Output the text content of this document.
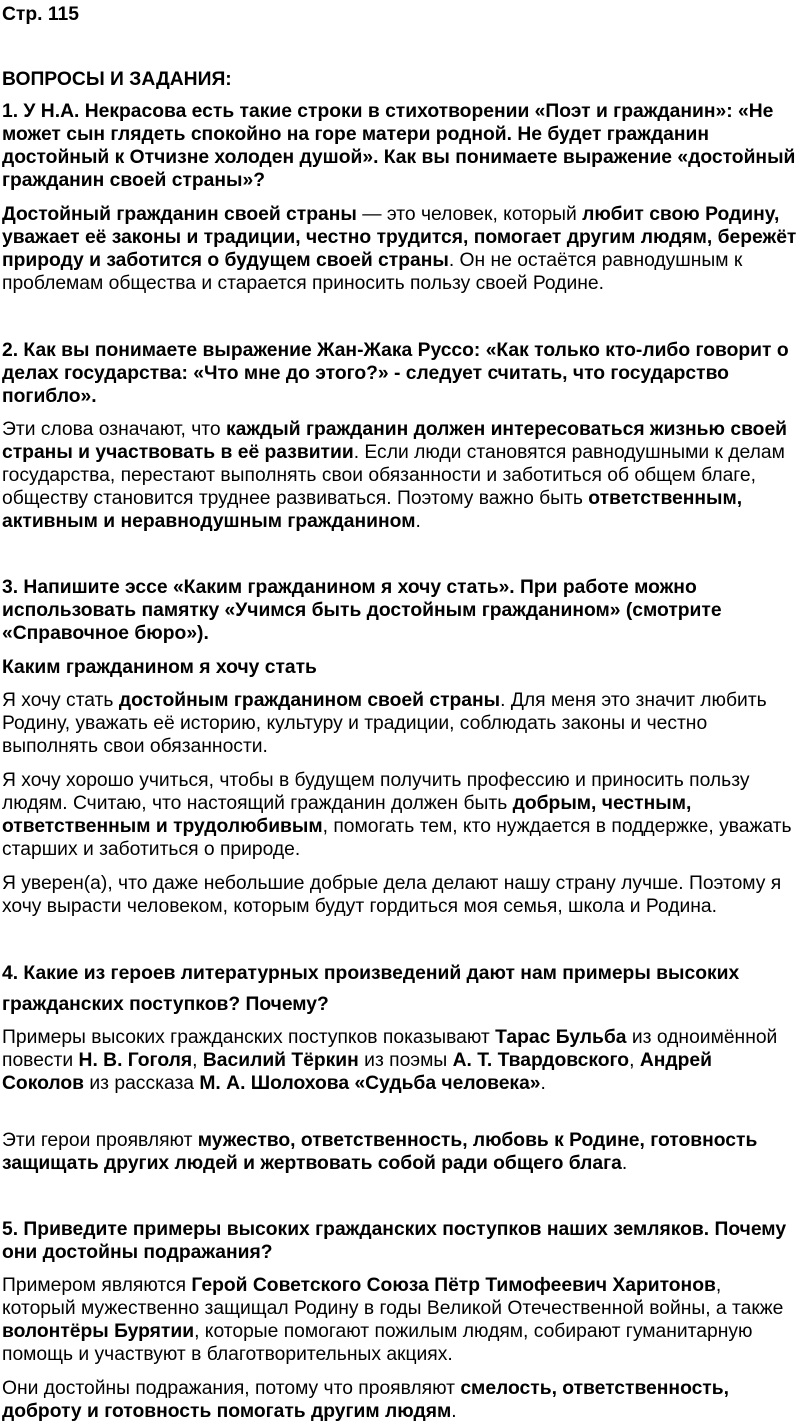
Стр. 115
ВОПРОСЫ И ЗАДАНИЯ:
1. У Н.А. Некрасова есть такие строки в стихотворении «Поэт и гражданин»: «Не может сын глядеть спокойно на горе матери родной. Не будет гражданин достойный к Отчизне холоден душой». Как вы понимаете выражение «достойный гражданин своей страны»?
Достойный гражданин своей страны — это человек, который любит свою Родину, уважает её законы и традиции, честно трудится, помогает другим людям, бережёт природу и заботится о будущем своей страны. Он не остаётся равнодушным к проблемам общества и старается приносить пользу своей Родине.
2. Как вы понимаете выражение Жан-Жака Руссо: «Как только кто-либо говорит о делах государства: «Что мне до этого?» - следует считать, что государство погибло».
Эти слова означают, что каждый гражданин должен интересоваться жизнью своей страны и участвовать в её развитии. Если люди становятся равнодушными к делам государства, перестают выполнять свои обязанности и заботиться об общем благе, обществу становится труднее развиваться. Поэтому важно быть ответственным, активным и неравнодушным гражданином.
3. Напишите эссе «Каким гражданином я хочу стать». При работе можно использовать памятку «Учимся быть достойным гражданином» (смотрите «Справочное бюро»).
Каким гражданином я хочу стать
Я хочу стать достойным гражданином своей страны. Для меня это значит любить Родину, уважать её историю, культуру и традиции, соблюдать законы и честно выполнять свои обязанности.
Я хочу хорошо учиться, чтобы в будущем получить профессию и приносить пользу людям. Считаю, что настоящий гражданин должен быть добрым, честным, ответственным и трудолюбивым, помогать тем, кто нуждается в поддержке, уважать старших и заботиться о природе.
Я уверен(а), что даже небольшие добрые дела делают нашу страну лучше. Поэтому я хочу вырасти человеком, которым будут гордиться моя семья, школа и Родина.
4. Какие из героев литературных произведений дают нам примеры высоких
гражданских поступков? Почему?
Примеры высоких гражданских поступков показывают Тарас Бульба из одноимённой повести Н. В. Гоголя, Василий Тёркин из поэмы А. Т. Твардовского, Андрей Соколов из рассказа М. А. Шолохова «Судьба человека».
Эти герои проявляют мужество, ответственность, любовь к Родине, готовность защищать других людей и жертвовать собой ради общего блага.
5. Приведите примеры высоких гражданских поступков наших земляков. Почему они достойны подражания?
Примером являются Герой Советского Союза Пётр Тимофеевич Харитонов, который мужественно защищал Родину в годы Великой Отечественной войны, а также волонтёры Бурятии, которые помогают пожилым людям, собирают гуманитарную помощь и участвуют в благотворительных акциях.
Они достойны подражания, потому что проявляют смелость, ответственность, доброту и готовность помогать другим людям.
